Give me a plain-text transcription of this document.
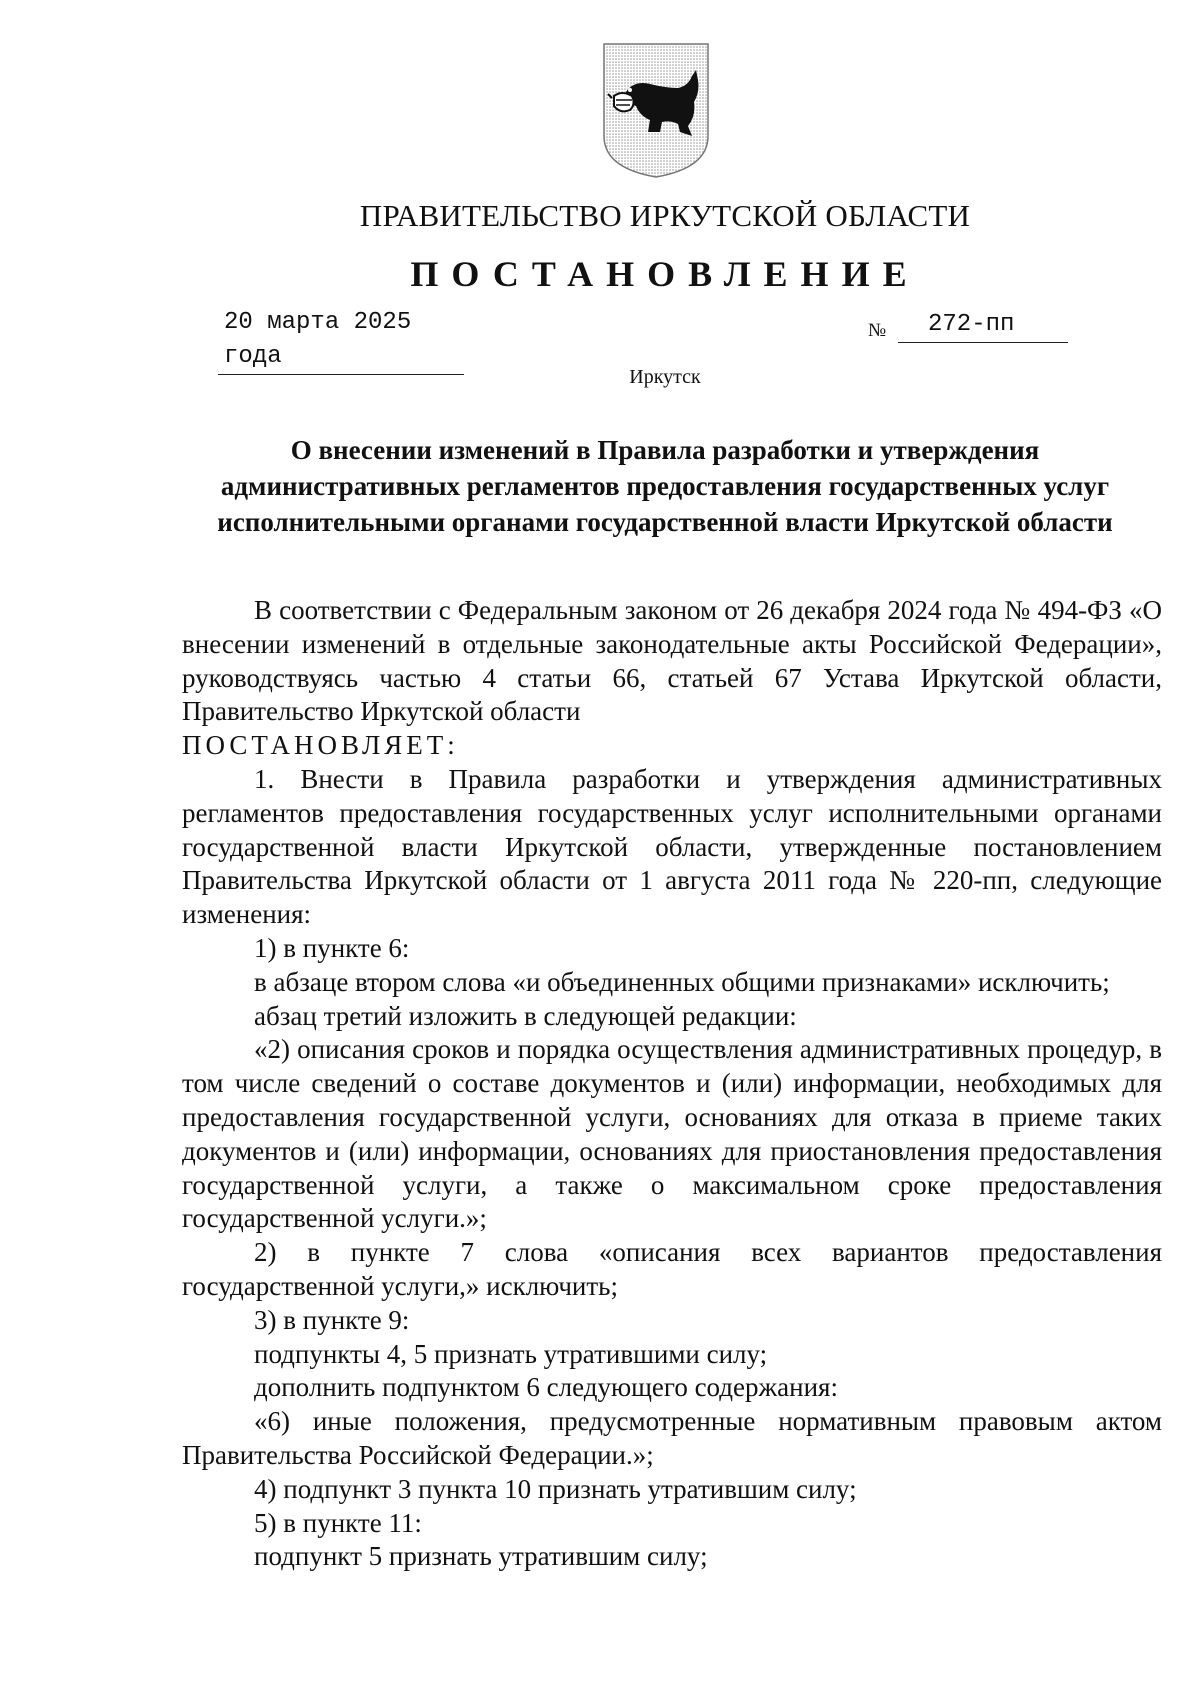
ПРАВИТЕЛЬСТВО ИРКУТСКОЙ ОБЛАСТИ
ПОСТАНОВЛЕНИЕ
20 марта 2025 года
№	272-пп
Иркутск
О внесении изменений в Правила разработки и утверждения административных регламентов предоставления государственных услуг исполнительными органами государственной власти Иркутской области

В соответствии с Федеральным законом от 26 декабря 2024 года № 494-ФЗ «О внесении изменений в отдельные законодательные акты Российской Федерации», руководствуясь частью 4 статьи 66, статьей 67 Устава Иркутской области, Правительство Иркутской области

ПОСТАНОВЛЯЕТ:

1. Внести в Правила разработки и утверждения административных регламентов предоставления государственных услуг исполнительными органами государственной власти Иркутской области, утвержденные постановлением Правительства Иркутской области от 1 августа 2011 года № 220-пп, следующие изменения:

1) в пункте 6:

в абзаце втором слова «и объединенных общими признаками» исключить;

абзац третий изложить в следующей редакции:

«2) описания сроков и порядка осуществления административных процедур, в том числе сведений о составе документов и (или) информации, необходимых для предоставления государственной услуги, основаниях для отказа в приеме таких документов и (или) информации, основаниях для приостановления предоставления государственной услуги, а также о максимальном сроке предоставления государственной услуги.»;

2) в пункте 7 слова «описания всех вариантов предоставления государственной услуги,» исключить;

3) в пункте 9:

подпункты 4, 5 признать утратившими силу;

дополнить подпунктом 6 следующего содержания:

«6) иные положения, предусмотренные нормативным правовым актом Правительства Российской Федерации.»;

4) подпункт 3 пункта 10 признать утратившим силу;

5) в пункте 11:

подпункт 5 признать утратившим силу;
